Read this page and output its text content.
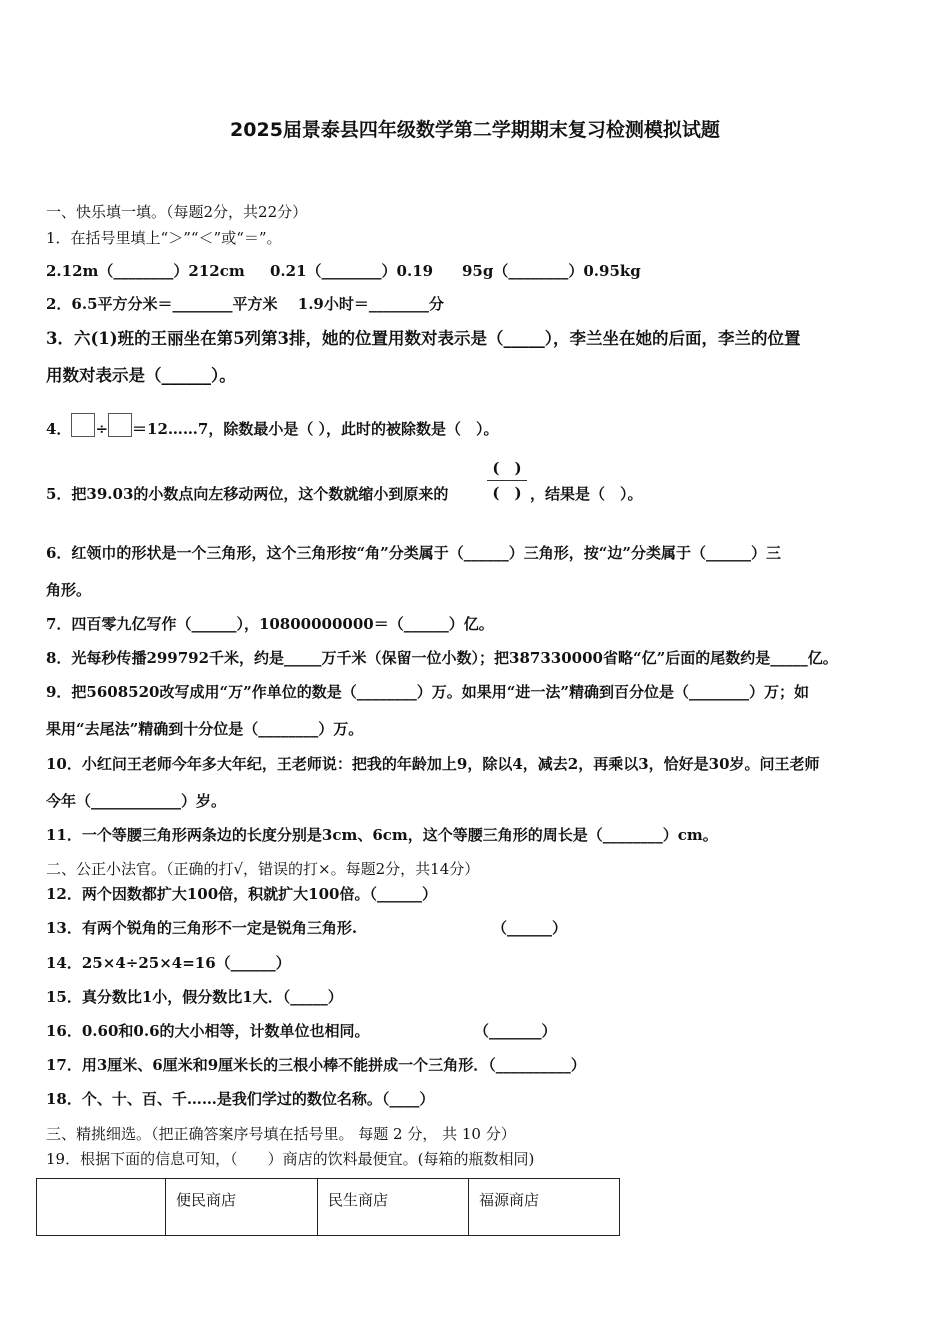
2025届景泰县四年级数学第二学期期末复习检测模拟试题
一、快乐填一填。（每题2分，共22分）
1．在括号里填上“＞”“＜”或“＝”。
2.12m（________）212cm 0.21（________）0.19 95g（________）0.95kg
2．6.5平方分米＝________平方米　 1.9小时＝________分
3．六(1)班的王丽坐在第5列第3排，她的位置用数对表示是（_____），李兰坐在她的后面，李兰的位置
用数对表示是（______）。
4． ÷ ＝12……7，除数最小是（ ），此时的被除数是（　）。
(　)
(　)
5．把39.03的小数点向左移动两位，这个数就缩小到原来的	，结果是（　）。
6．红领巾的形状是一个三角形，这个三角形按“角”分类属于（______）三角形，按“边”分类属于（______）三
角形。
7．四百零九亿写作（______），10800000000＝（______）亿。
8．光每秒传播299792千米，约是_____万千米（保留一位小数）；把387330000省略“亿”后面的尾数约是_____亿。
9．把5608520改写成用“万”作单位的数是（________）万。如果用“进一法”精确到百分位是（________）万；如
果用“去尾法”精确到十分位是（________）万。
10．小红问王老师今年多大年纪，王老师说：把我的年龄加上9，除以4，减去2，再乘以3，恰好是30岁。问王老师
今年（____________）岁。
11．一个等腰三角形两条边的长度分别是3cm、6cm，这个等腰三角形的周长是（________）cm。
二、公正小法官。（正确的打√，错误的打×。每题2分，共14分）
12．两个因数都扩大100倍，积就扩大100倍。（______）
13．有两个锐角的三角形不一定是锐角三角形.	（______）
14．25×4÷25×4=16（______）
15．真分数比1小，假分数比1大．（_____）
16．0.60和0.6的大小相等，计数单位也相同。	（_______）
17．用3厘米、6厘米和9厘米长的三根小棒不能拼成一个三角形．（__________）
18．个、十、百、千……是我们学过的数位名称。（____）
三、精挑细选。（把正确答案序号填在括号里。 每题 2 分， 共 10 分）
19．根据下面的信息可知，（　　）商店的饮料最便宜。(每箱的瓶数相同)
	便民商店	民生商店	福源商店
